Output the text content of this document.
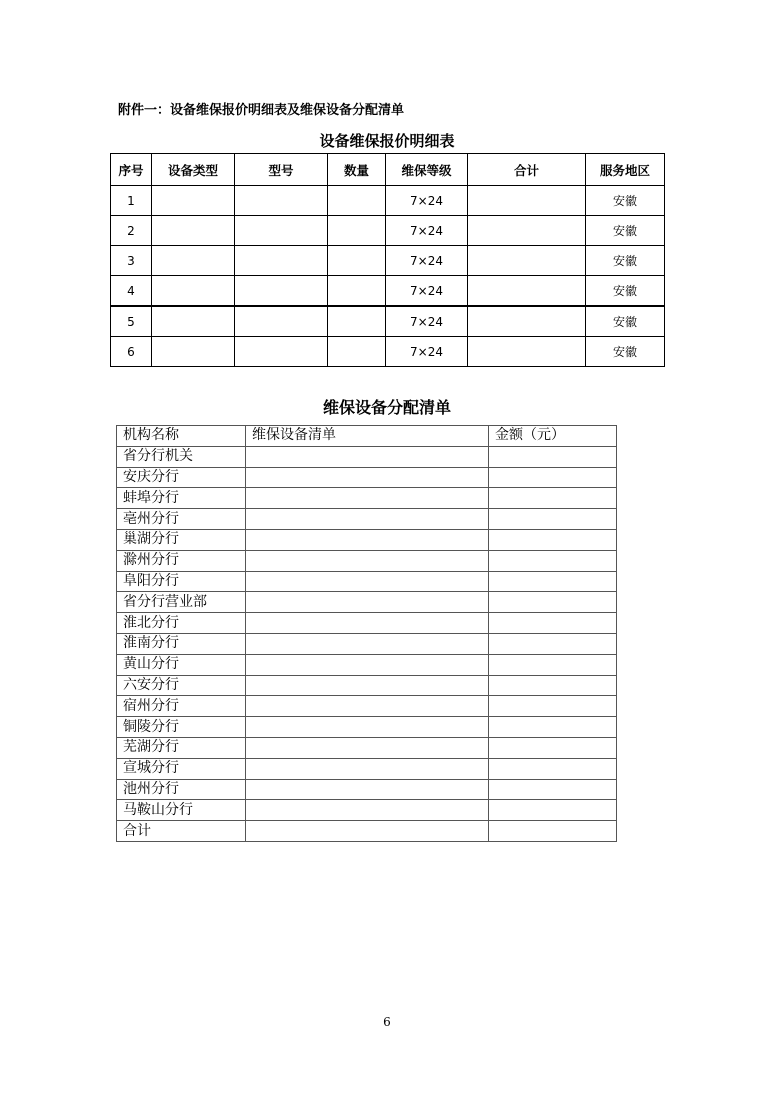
附件一：设备维保报价明细表及维保设备分配清单
设备维保报价明细表
序号	设备类型	型号	数量	维保等级	合计	服务地区
1				7×24		安徽
2				7×24		安徽
3				7×24		安徽
4				7×24		安徽
5				7×24		安徽
6				7×24		安徽
维保设备分配清单
机构名称	维保设备清单	金额（元）
省分行机关		
安庆分行		
蚌埠分行		
亳州分行		
巢湖分行		
滁州分行		
阜阳分行		
省分行营业部		
淮北分行		
淮南分行		
黄山分行		
六安分行		
宿州分行		
铜陵分行		
芜湖分行		
宣城分行		
池州分行		
马鞍山分行		
合计		
6
